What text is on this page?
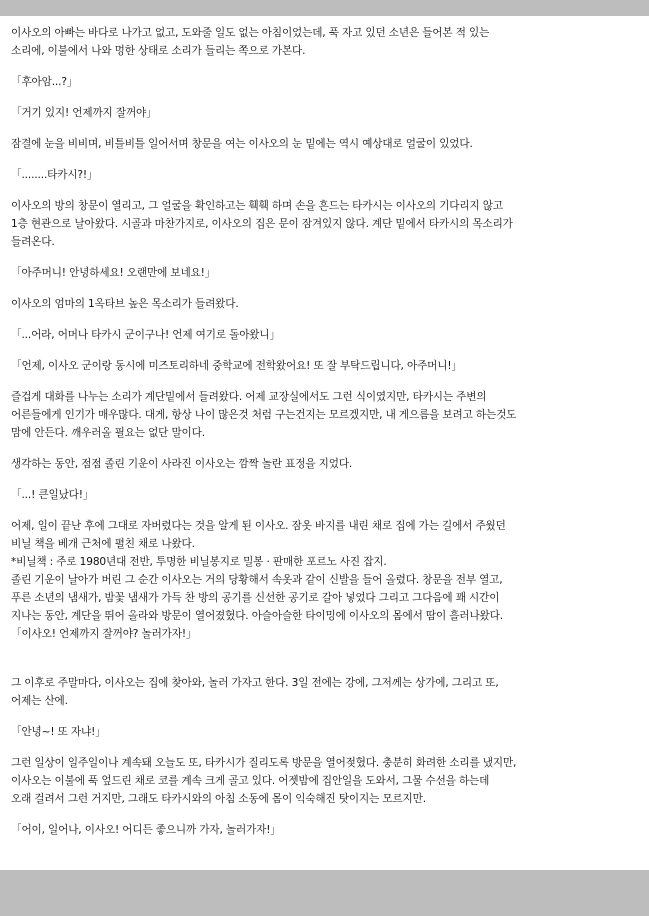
이사오의 아빠는 바다로 나가고 없고, 도와줄 일도 없는 아침이었는데, 푹 자고 있던 소년은 들어본 적 있는
소리에, 이불에서 나와 멍한 상태로 소리가 들리는 쪽으로 가본다.

「후아암...?」

「거기 있지! 언제까지 잘꺼야」

잠결에 눈을 비비며, 비틀비틀 일어서며 창문을 여는 이사오의 눈 밑에는 역시 예상대로 얼굴이 있었다.

「........타카시?!」

이사오의 방의 창문이 열리고, 그 얼굴을 확인하고는 훽훽 하며 손을 흔드는 타카시는 이사오의 기다리지 않고
1층 현관으로 날아왔다. 시골과 마찬가지로, 이사오의 집은 문이 잠겨있지 않다. 계단 밑에서 타카시의 목소리가
들려온다.

「아주머니! 안녕하세요! 오랜만에 보네요!」

이사오의 엄마의 1옥타브 높은 목소리가 들려왔다.

「...어라, 어머나 타카시 군이구나! 언제 여기로 돌아왔니」

「언제, 이사오 군이랑 동시에 미즈토리하네 중학교에 전학왔어요! 또 잘 부탁드립니다, 아주머니!」

즐겁게 대화를 나누는 소리가 계단밑에서 들려왔다. 어제 교장실에서도 그런 식이였지만, 타카시는 주변의
어른들에게 인기가 매우많다. 대게, 항상 나이 많은것 처럼 구는건지는 모르겠지만, 내 게으름을 보려고 하는것도
맘에 안든다. 깨우러올 필요는 없단 말이다.

생각하는 동안, 점점 졸린 기운이 사라진 이사오는 깜짝 놀란 표정을 지었다.

「...! 큰일났다!」

어제, 일이 끝난 후에 그대로 자버렸다는 것을 알게 된 이사오. 잠옷 바지를 내린 채로 집에 가는 길에서 주웠던
비닐 책을 베개 근처에 펼친 채로 나왔다.
*비닐책 : 주로 1980년대 전반, 투명한 비닐봉지로 밀봉 · 판매한 포르노 사진 잡지.
졸린 기운이 날아가 버린 그 순간 이사오는 거의 당황해서 속옷과 같이 신발을 들어 올렸다. 창문을 전부 열고,
푸른 소년의 냄새가, 밤꽃 냄새가 가득 찬 방의 공기를 신선한 공기로 갈아 넣었다 그리고 그다음에 꽤 시간이
지나는 동안, 계단을 뛰어 올라와 방문이 열어졌혔다. 아슬아슬한 타이밍에 이사오의 몸에서 땀이 흘러나왔다.
「이사오! 언제까지 잘꺼야? 놀러가자!」

그 이후로 주말마다, 이사오는 집에 찾아와, 놀러 가자고 한다. 3일 전에는 강에, 그저께는 상가에, 그리고 또,
어제는 산에.

「안녕~! 또 자냐!」

그런 일상이 일주일이나 계속돼 오늘도 또, 타카시가 질리도록 방문을 열어젖혔다. 충분히 화려한 소리를 냈지만,
이사오는 이불에 푹 엎드린 채로 코를 계속 크게 골고 있다. 어젯밤에 집안일을 도와서, 그물 수선을 하는데
오래 걸려서 그런 거지만, 그래도 타카시와의 아침 소동에 몸이 익숙해진 탓이지는 모르지만.

「어이, 일어나, 이사오! 어디든 좋으니까 가자, 놀러가자!」
